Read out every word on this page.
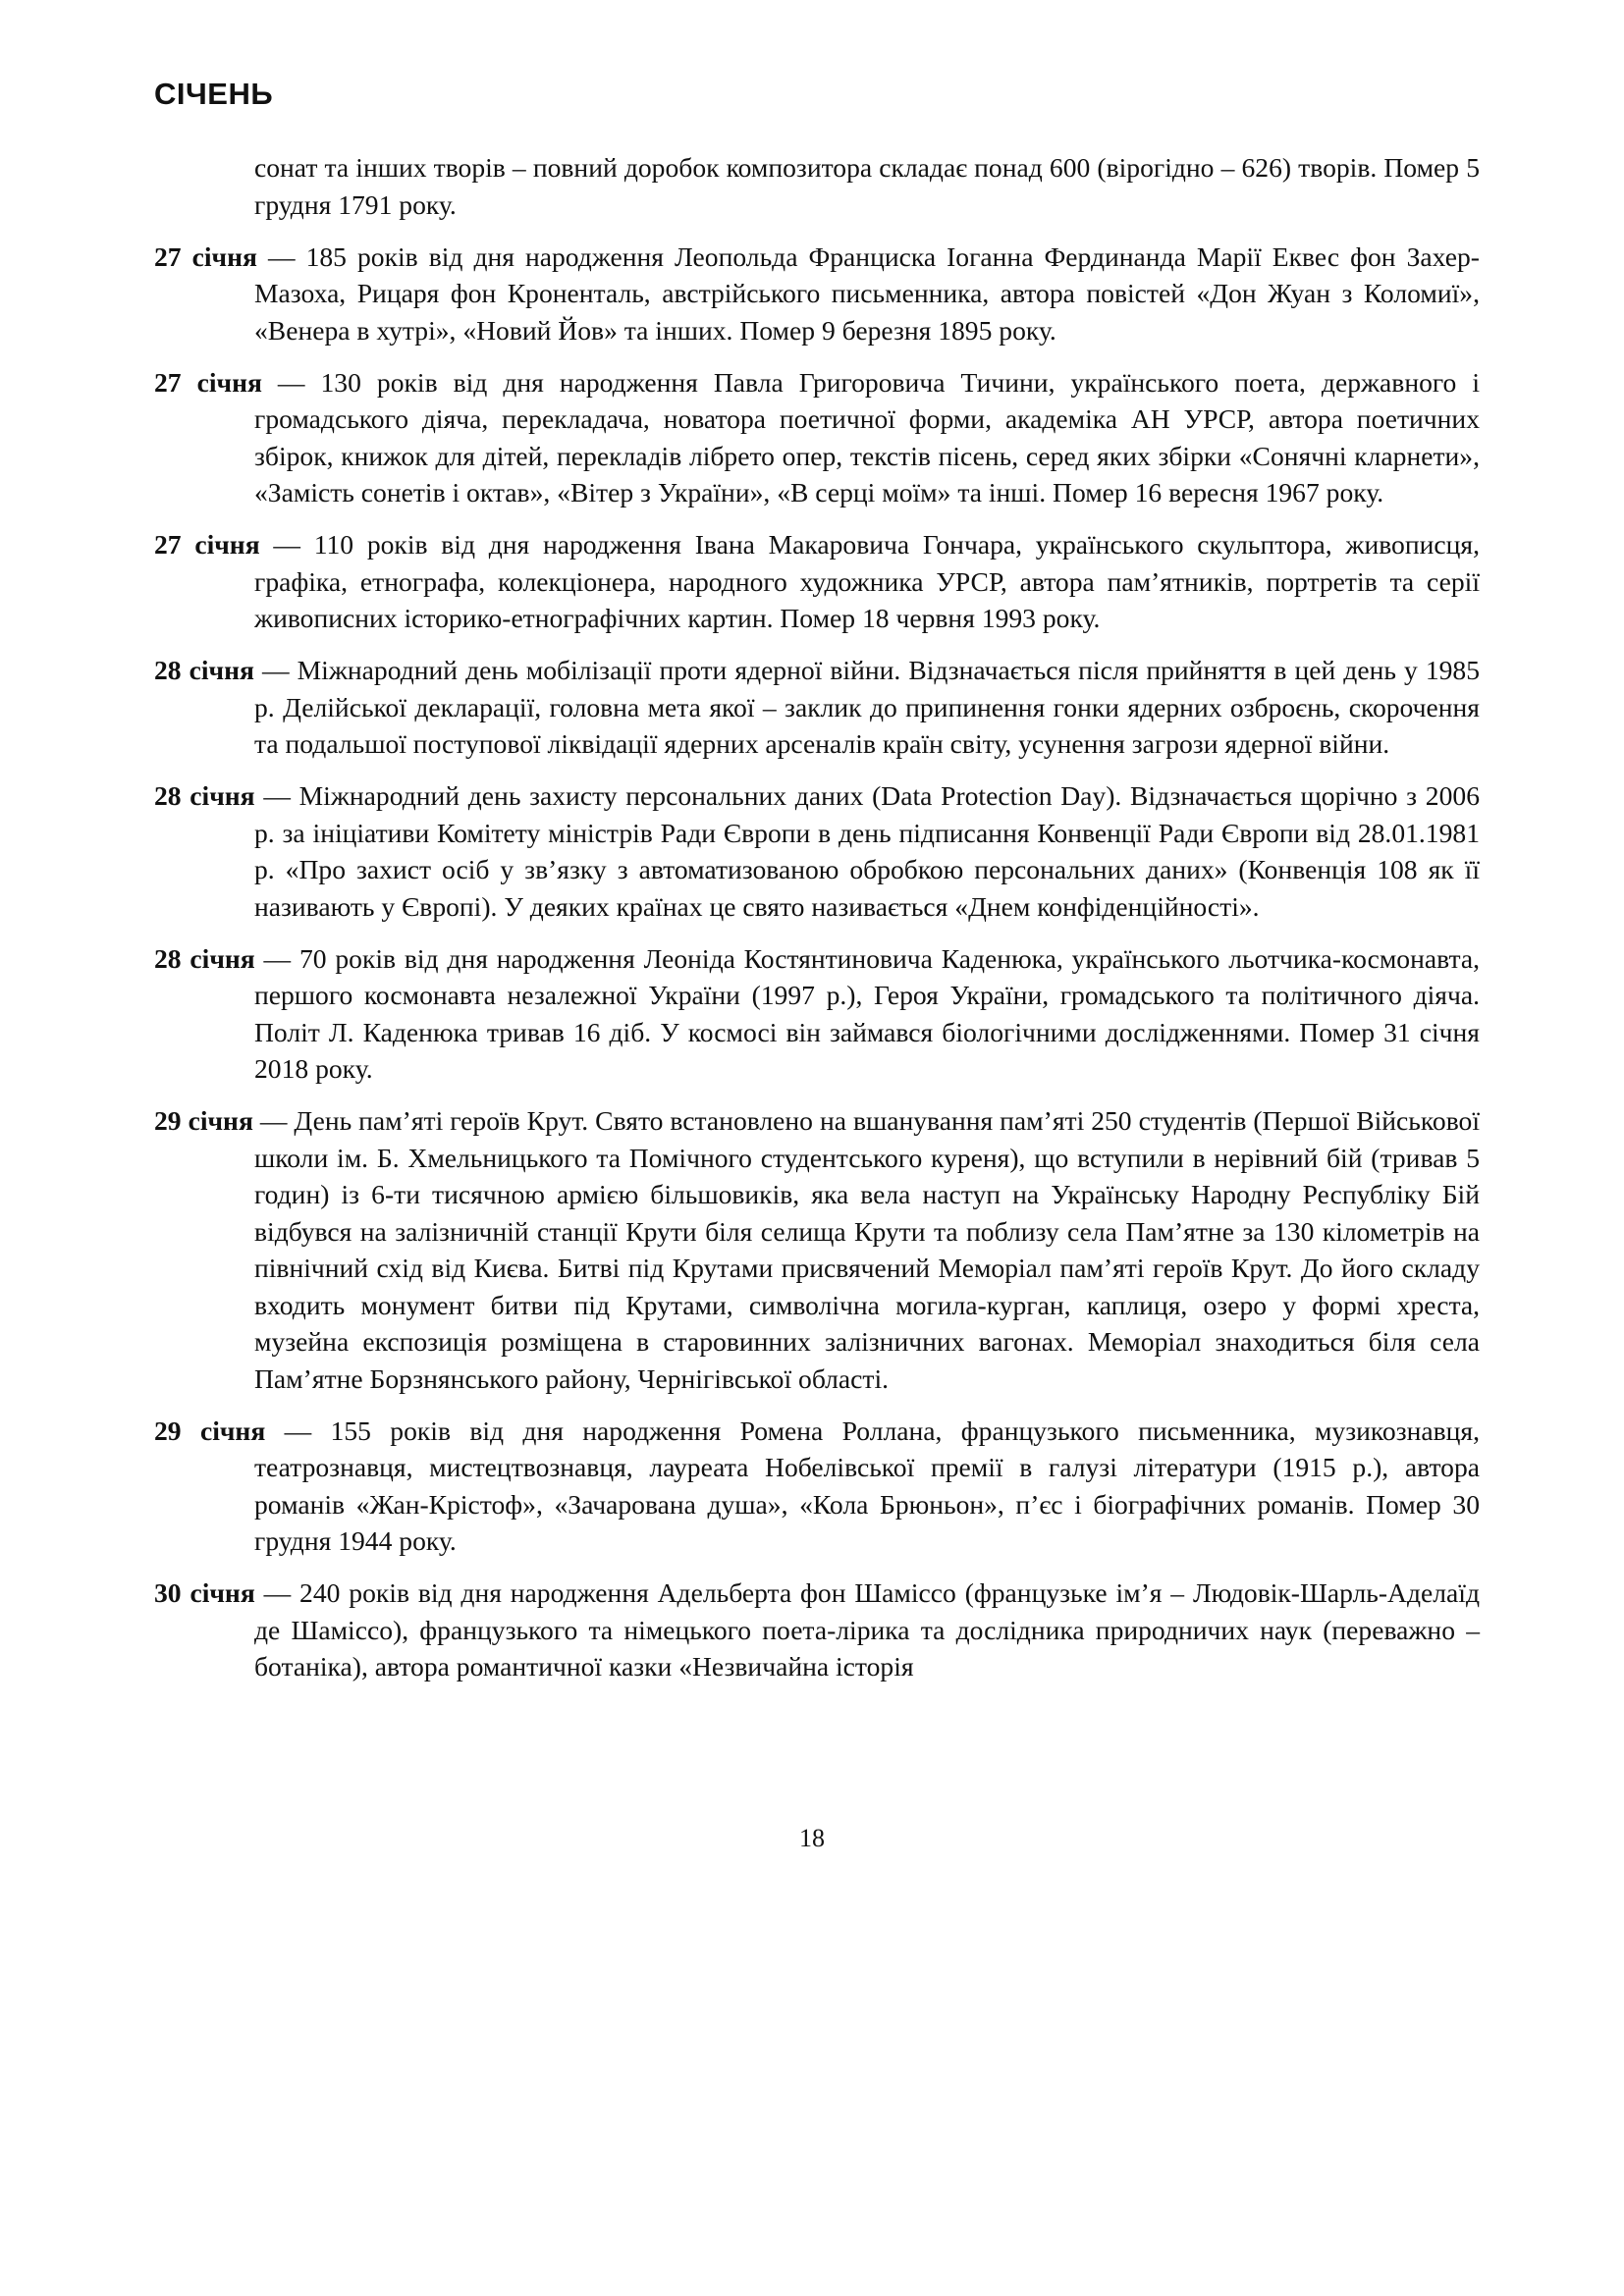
СІЧЕНЬ

сонат та інших творів – повний доробок композитора складає понад 600 (вірогідно – 626) творів. Помер 5 грудня 1791 року.

27 січня — 185 років від дня народження Леопольда Франциска Іоганна Фердинанда Марії Еквес фон Захер-Мазоха, Рицаря фон Кроненталь, австрійського письменника, автора повістей «Дон Жуан з Коломиї», «Венера в хутрі», «Новий Йов» та інших. Помер 9 березня 1895 року.

27 січня — 130 років від дня народження Павла Григоровича Тичини, українського поета, державного і громадського діяча, перекладача, новатора поетичної форми, академіка АН УРСР, автора поетичних збірок, книжок для дітей, перекладів лібрето опер, текстів пісень, серед яких збірки «Сонячні кларнети», «Замість сонетів і октав», «Вітер з України», «В серці моїм» та інші. Помер 16 вересня 1967 року.

27 січня — 110 років від дня народження Івана Макаровича Гончара, українського скульптора, живописця, графіка, етнографа, колекціонера, народного художника УРСР, автора пам’ятників, портретів та серії живописних історико-етнографічних картин. Помер 18 червня 1993 року.

28 січня — Міжнародний день мобілізації проти ядерної війни. Відзначається після прийняття в цей день у 1985 р. Делійської декларації, головна мета якої – заклик до припинення гонки ядерних озброєнь, скорочення та подальшої поступової ліквідації ядерних арсеналів країн світу, усунення загрози ядерної війни.

28 січня — Міжнародний день захисту персональних даних (Data Protection Day). Відзначається щорічно з 2006 р. за ініціативи Комітету міністрів Ради Європи в день підписання Конвенції Ради Європи від 28.01.1981 р. «Про захист осіб у зв’язку з автоматизованою обробкою персональних даних» (Конвенція 108 як її називають у Європі). У деяких країнах це свято називається «Днем конфіденційності».

28 січня — 70 років від дня народження Леоніда Костянтиновича Каденюка, українського льотчика-космонавта, першого космонавта незалежної України (1997 р.), Героя України, громадського та політичного діяча. Політ Л. Каденюка тривав 16 діб. У космосі він займався біологічними дослідженнями. Помер 31 січня 2018 року.

29 січня — День пам’яті героїв Крут. Свято встановлено на вшанування пам’яті 250 студентів (Першої Військової школи ім. Б. Хмельницького та Помічного студентського куреня), що вступили в нерівний бій (тривав 5 годин) із 6-ти тисячною армією більшовиків, яка вела наступ на Українську Народну Республіку Бій відбувся на залізничній станції Крути біля селища Крути та поблизу села Пам’ятне за 130 кілометрів на північний схід від Києва. Битві під Крутами присвячений Меморіал пам’яті героїв Крут. До його складу входить монумент битви під Крутами, символічна могила-курган, каплиця, озеро у формі хреста, музейна експозиція розміщена в старовинних залізничних вагонах. Меморіал знаходиться біля села Пам’ятне Борзнянського району, Чернігівської області.

29 січня — 155 років від дня народження Ромена Роллана, французького письменника, музикознавця, театрознавця, мистецтвознавця, лауреата Нобелівської премії в галузі літератури (1915 р.), автора романів «Жан-Крістоф», «Зачарована душа», «Кола Брюньон», п’єс і біографічних романів. Помер 30 грудня 1944 року.

30 січня — 240 років від дня народження Адельберта фон Шаміссо (французьке ім’я – Людовік-Шарль-Аделаїд де Шаміссо), французького та німецького поета-лірика та дослідника природничих наук (переважно – ботаніка), автора романтичної казки «Незвичайна історія

18
